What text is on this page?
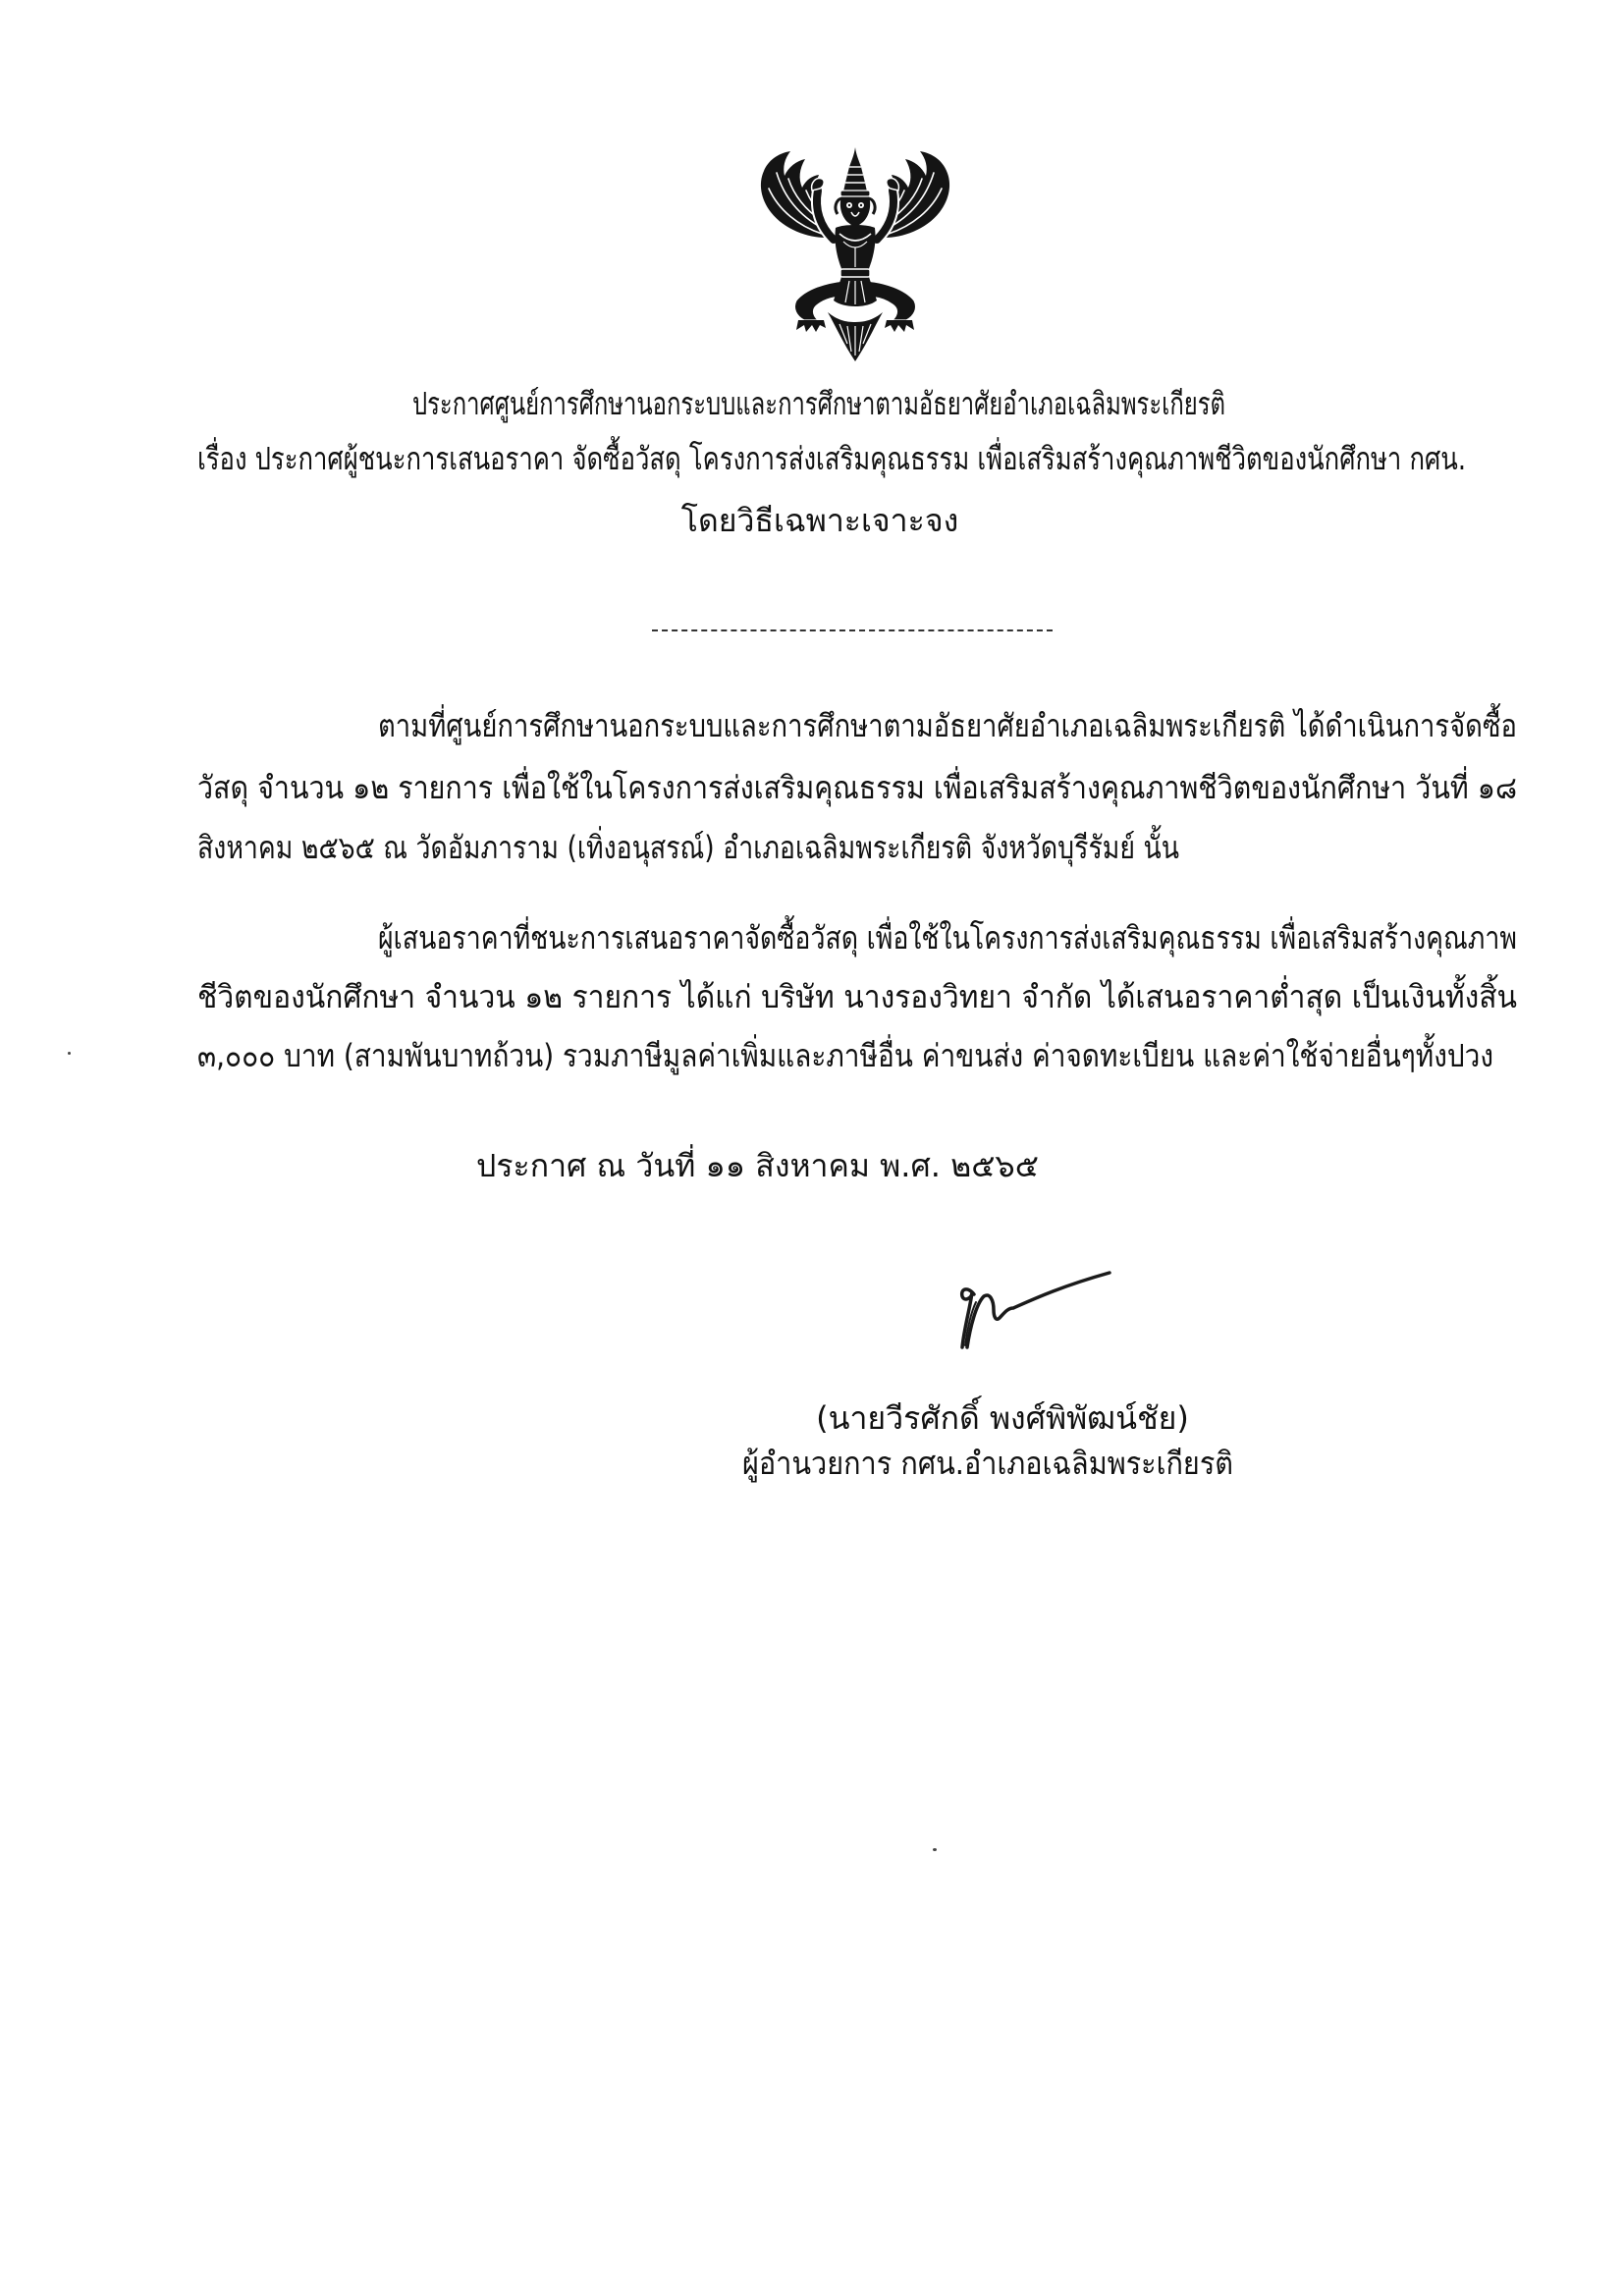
ประกาศศูนย์การศึกษานอกระบบและการศึกษาตามอัธยาศัยอำเภอเฉลิมพระเกียรติ
เรื่อง ประกาศผู้ชนะการเสนอราคา จัดซื้อวัสดุ โครงการส่งเสริมคุณธรรม เพื่อเสริมสร้างคุณภาพชีวิตของนักศึกษา กศน.
โดยวิธีเฉพาะเจาะจง
ตามที่ศูนย์การศึกษานอกระบบและการศึกษาตามอัธยาศัยอำเภอเฉลิมพระเกียรติ ได้ดำเนินการจัดซื้อ
วัสดุ จำนวน ๑๒ รายการ เพื่อใช้ในโครงการส่งเสริมคุณธรรม เพื่อเสริมสร้างคุณภาพชีวิตของนักศึกษา วันที่ ๑๘
สิงหาคม ๒๕๖๕ ณ วัดอัมภาราม (เทิ่งอนุสรณ์) อำเภอเฉลิมพระเกียรติ จังหวัดบุรีรัมย์ นั้น
ผู้เสนอราคาที่ชนะการเสนอราคาจัดซื้อวัสดุ เพื่อใช้ในโครงการส่งเสริมคุณธรรม เพื่อเสริมสร้างคุณภาพ
ชีวิตของนักศึกษา จำนวน ๑๒ รายการ ได้แก่ บริษัท นางรองวิทยา จำกัด ได้เสนอราคาต่ำสุด เป็นเงินทั้งสิ้น
๓,๐๐๐ บาท (สามพันบาทถ้วน) รวมภาษีมูลค่าเพิ่มและภาษีอื่น ค่าขนส่ง ค่าจดทะเบียน และค่าใช้จ่ายอื่นๆทั้งปวง
ประกาศ ณ วันที่ ๑๑ สิงหาคม พ.ศ. ๒๕๖๕
(นายวีรศักดิ์ พงศ์พิพัฒน์ชัย)
ผู้อำนวยการ กศน.อำเภอเฉลิมพระเกียรติ
